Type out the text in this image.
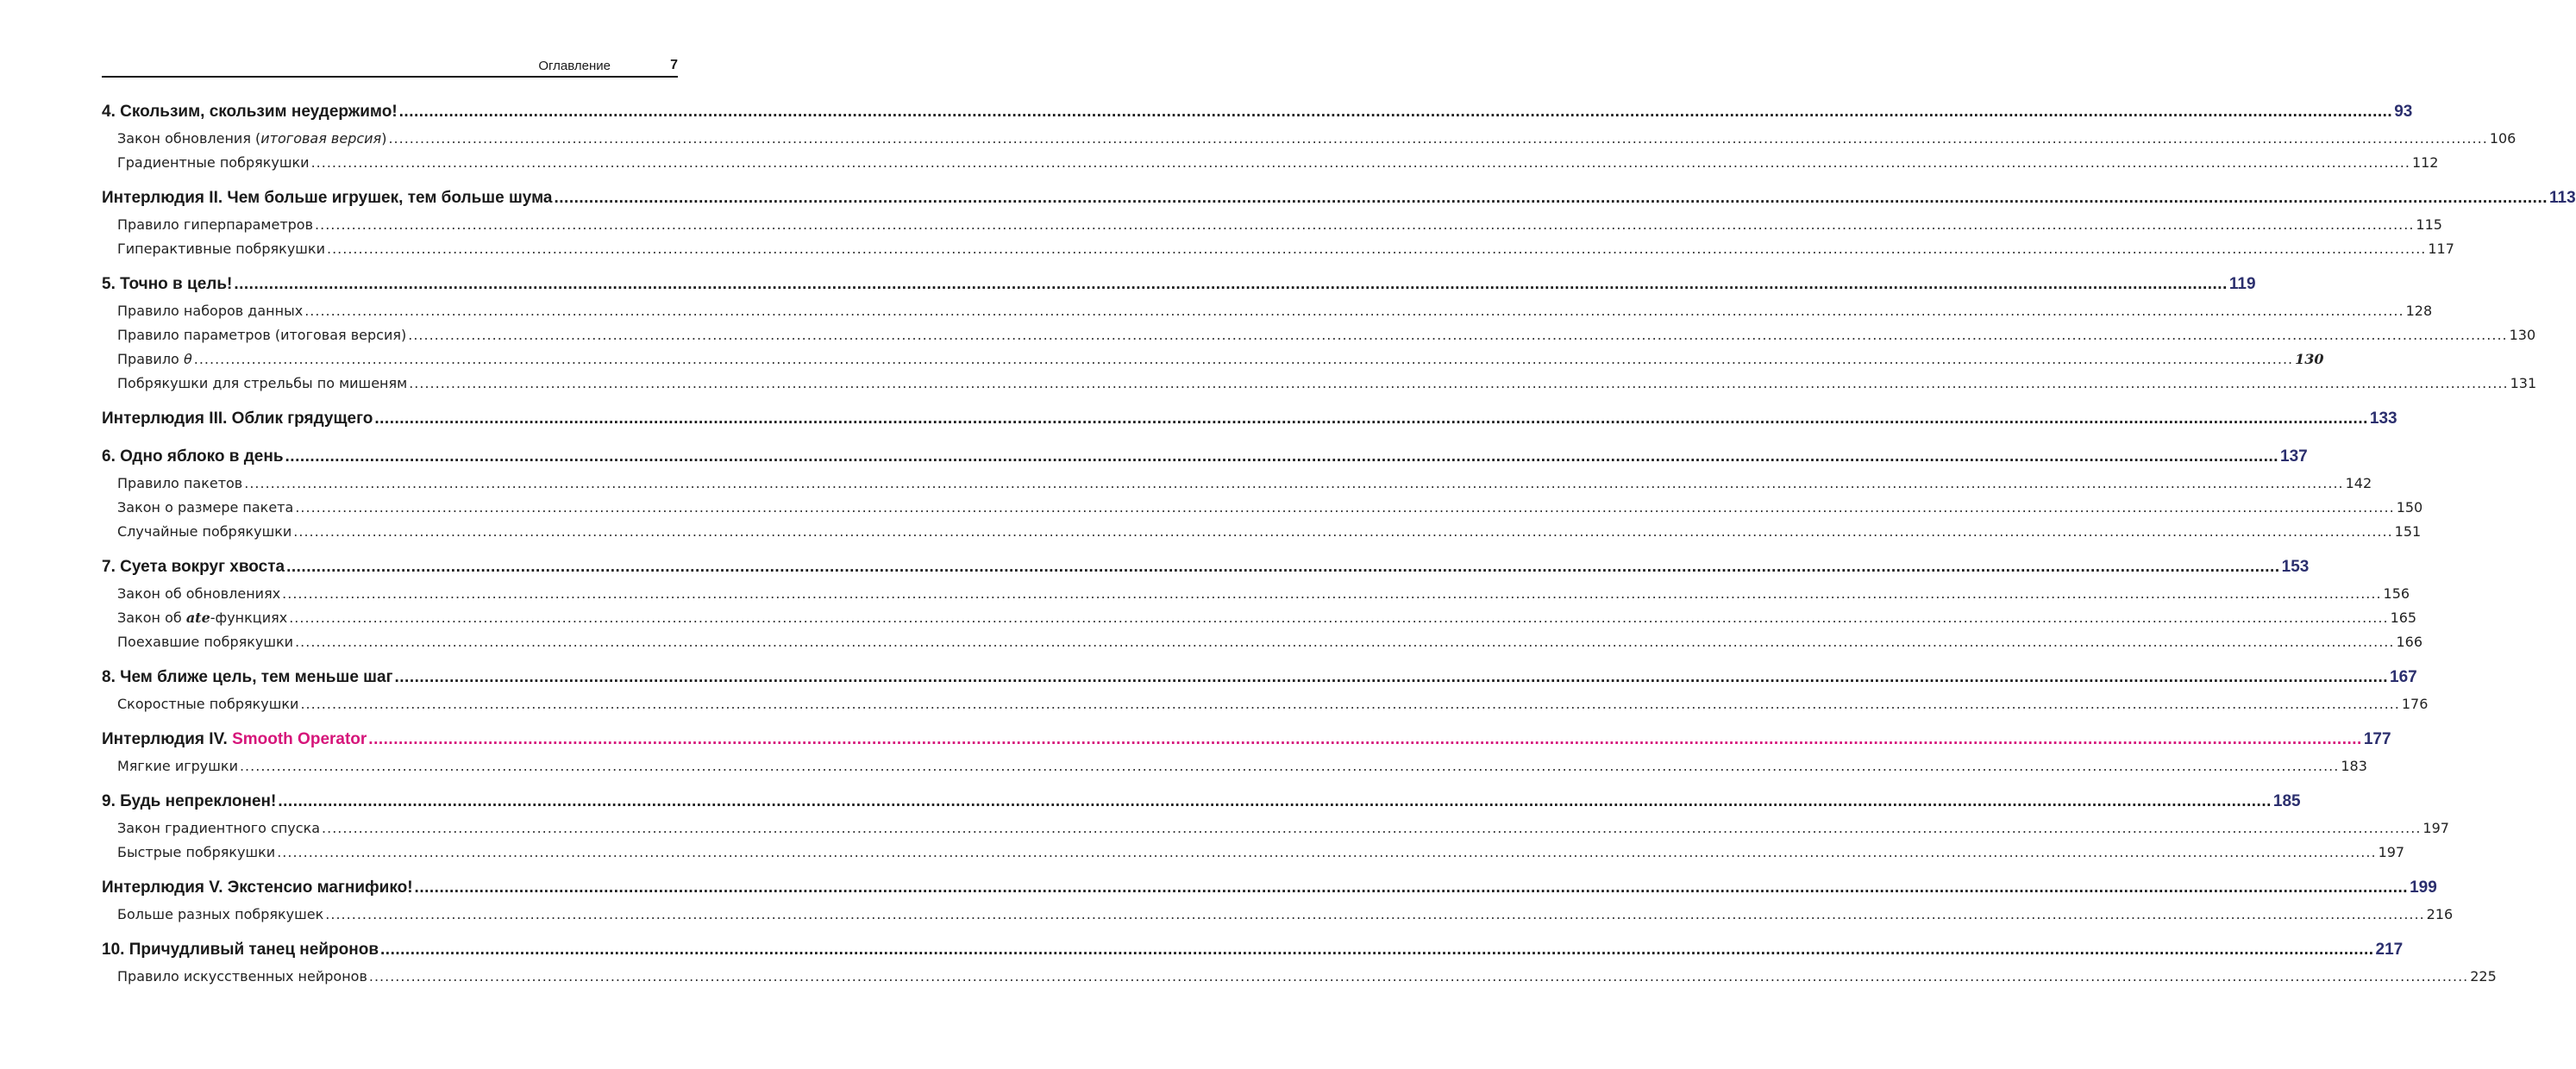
Оглавление	7
4. Скользим, скользим неудержимо! ................................................................................................................................................................................................................................................................................................................................................................................................................ 93
Закон обновления (итоговая версия) ................................................................................................................................................................................................................................................................................................................................................................................................................ 106
Градиентные побрякушки ................................................................................................................................................................................................................................................................................................................................................................................................................ 112
Интерлюдия II. Чем больше игрушек, тем больше шума ................................................................................................................................................................................................................................................................................................................................................................................................................ 113
Правило гиперпараметров ................................................................................................................................................................................................................................................................................................................................................................................................................ 115
Гиперактивные побрякушки ................................................................................................................................................................................................................................................................................................................................................................................................................ 117
5. Точно в цель! ................................................................................................................................................................................................................................................................................................................................................................................................................ 119
Правило наборов данных ................................................................................................................................................................................................................................................................................................................................................................................................................ 128
Правило параметров (итоговая версия) ................................................................................................................................................................................................................................................................................................................................................................................................................ 130
Правило θ ................................................................................................................................................................................................................................................................................................................................................................................................................ 130
Побрякушки для стрельбы по мишеням ................................................................................................................................................................................................................................................................................................................................................................................................................ 131
Интерлюдия III. Облик грядущего ................................................................................................................................................................................................................................................................................................................................................................................................................ 133
6. Одно яблоко в день ................................................................................................................................................................................................................................................................................................................................................................................................................ 137
Правило пакетов ................................................................................................................................................................................................................................................................................................................................................................................................................ 142
Закон о размере пакета ................................................................................................................................................................................................................................................................................................................................................................................................................ 150
Случайные побрякушки ................................................................................................................................................................................................................................................................................................................................................................................................................ 151
7. Суета вокруг хвоста ................................................................................................................................................................................................................................................................................................................................................................................................................ 153
Закон об обновлениях ................................................................................................................................................................................................................................................................................................................................................................................................................ 156
Закон об ate-функциях ................................................................................................................................................................................................................................................................................................................................................................................................................ 165
Поехавшие побрякушки ................................................................................................................................................................................................................................................................................................................................................................................................................ 166
8. Чем ближе цель, тем меньше шаг ................................................................................................................................................................................................................................................................................................................................................................................................................ 167
Скоростные побрякушки ................................................................................................................................................................................................................................................................................................................................................................................................................ 176
Интерлюдия IV. Smooth Operator ................................................................................................................................................................................................................................................................................................................................................................................................................ 177
Мягкие игрушки ................................................................................................................................................................................................................................................................................................................................................................................................................ 183
9. Будь непреклонен! ................................................................................................................................................................................................................................................................................................................................................................................................................ 185
Закон градиентного спуска ................................................................................................................................................................................................................................................................................................................................................................................................................ 197
Быстрые побрякушки ................................................................................................................................................................................................................................................................................................................................................................................................................ 197
Интерлюдия V. Экстенсио магнифико! ................................................................................................................................................................................................................................................................................................................................................................................................................ 199
Больше разных побрякушек ................................................................................................................................................................................................................................................................................................................................................................................................................ 216
10. Причудливый танец нейронов ................................................................................................................................................................................................................................................................................................................................................................................................................ 217
Правило искусственных нейронов ................................................................................................................................................................................................................................................................................................................................................................................................................ 225
